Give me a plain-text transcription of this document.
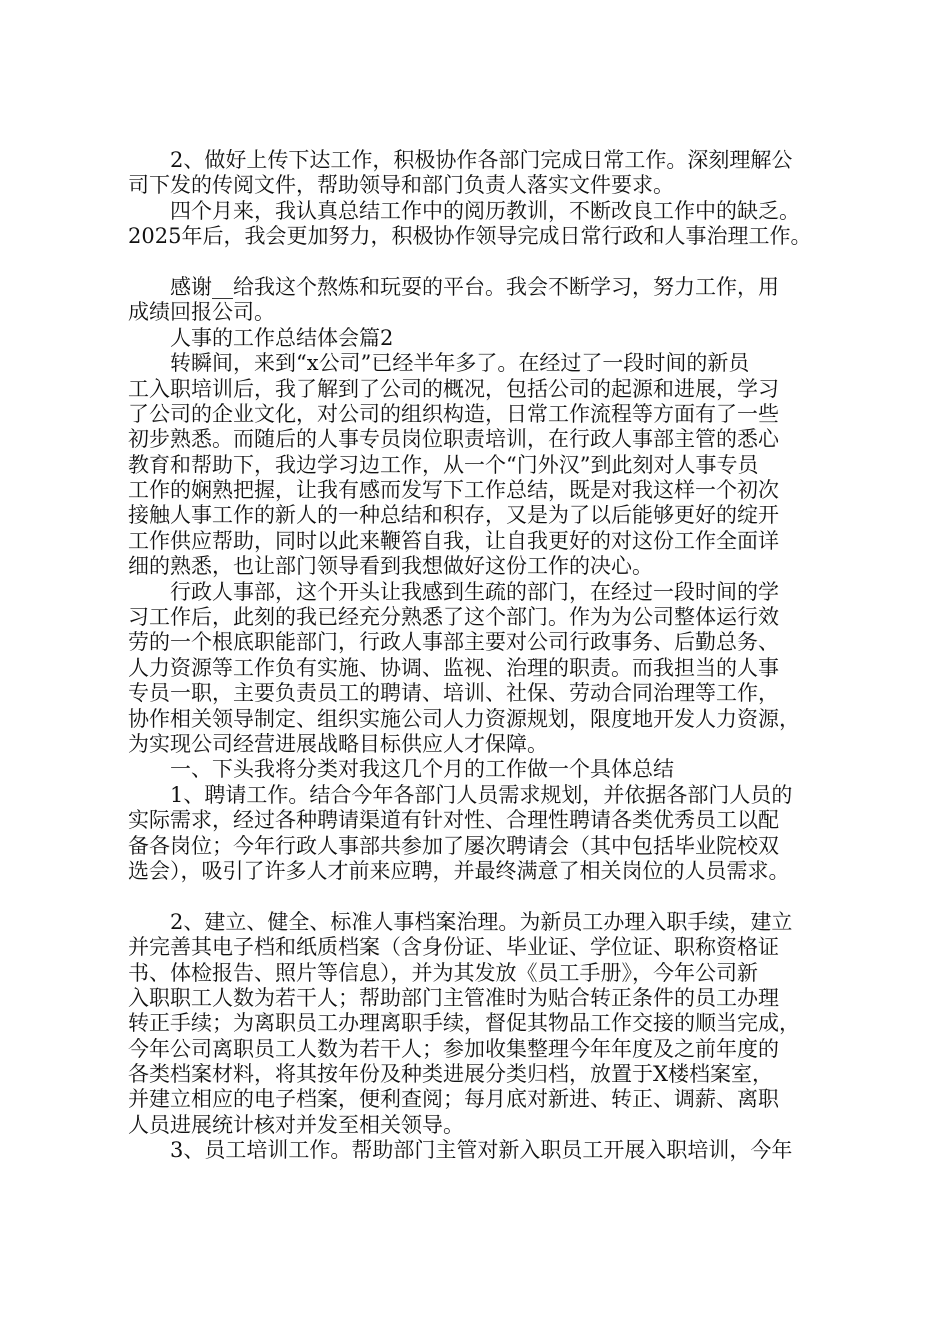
　　2、做好上传下达工作，积极协作各部门完成日常工作。深刻理解公
司下发的传阅文件，帮助领导和部门负责人落实文件要求。
　　四个月来，我认真总结工作中的阅历教训，不断改良工作中的缺乏。
2025年后，我会更加努力，积极协作领导完成日常行政和人事治理工作。
　　感谢__给我这个熬炼和玩耍的平台。我会不断学习，努力工作，用
成绩回报公司。
　　人事的工作总结体会篇2
　　转瞬间，来到“x公司”已经半年多了。在经过了一段时间的新员
工入职培训后，我了解到了公司的概况，包括公司的起源和进展，学习
了公司的企业文化，对公司的组织构造，日常工作流程等方面有了一些
初步熟悉。而随后的人事专员岗位职责培训，在行政人事部主管的悉心
教育和帮助下，我边学习边工作，从一个“门外汉”到此刻对人事专员
工作的娴熟把握，让我有感而发写下工作总结，既是对我这样一个初次
接触人事工作的新人的一种总结和积存，又是为了以后能够更好的绽开
工作供应帮助，同时以此来鞭笞自我，让自我更好的对这份工作全面详
细的熟悉，也让部门领导看到我想做好这份工作的决心。
　　行政人事部，这个开头让我感到生疏的部门，在经过一段时间的学
习工作后，此刻的我已经充分熟悉了这个部门。作为为公司整体运行效
劳的一个根底职能部门，行政人事部主要对公司行政事务、后勤总务、
人力资源等工作负有实施、协调、监视、治理的职责。而我担当的人事
专员一职，主要负责员工的聘请、培训、社保、劳动合同治理等工作，
协作相关领导制定、组织实施公司人力资源规划，限度地开发人力资源，
为实现公司经营进展战略目标供应人才保障。
　　一、下头我将分类对我这几个月的工作做一个具体总结
　　1、聘请工作。结合今年各部门人员需求规划，并依据各部门人员的
实际需求，经过各种聘请渠道有针对性、合理性聘请各类优秀员工以配
备各岗位；今年行政人事部共参加了屡次聘请会（其中包括毕业院校双
选会），吸引了许多人才前来应聘，并最终满意了相关岗位的人员需求。
　　2、建立、健全、标准人事档案治理。为新员工办理入职手续，建立
并完善其电子档和纸质档案（含身份证、毕业证、学位证、职称资格证
书、体检报告、照片等信息），并为其发放《员工手册》，今年公司新
入职职工人数为若干人；帮助部门主管准时为贴合转正条件的员工办理
转正手续；为离职员工办理离职手续，督促其物品工作交接的顺当完成，
今年公司离职员工人数为若干人；参加收集整理今年年度及之前年度的
各类档案材料，将其按年份及种类进展分类归档，放置于X楼档案室，
并建立相应的电子档案，便利查阅；每月底对新进、转正、调薪、离职
人员进展统计核对并发至相关领导。
　　3、员工培训工作。帮助部门主管对新入职员工开展入职培训，今年
